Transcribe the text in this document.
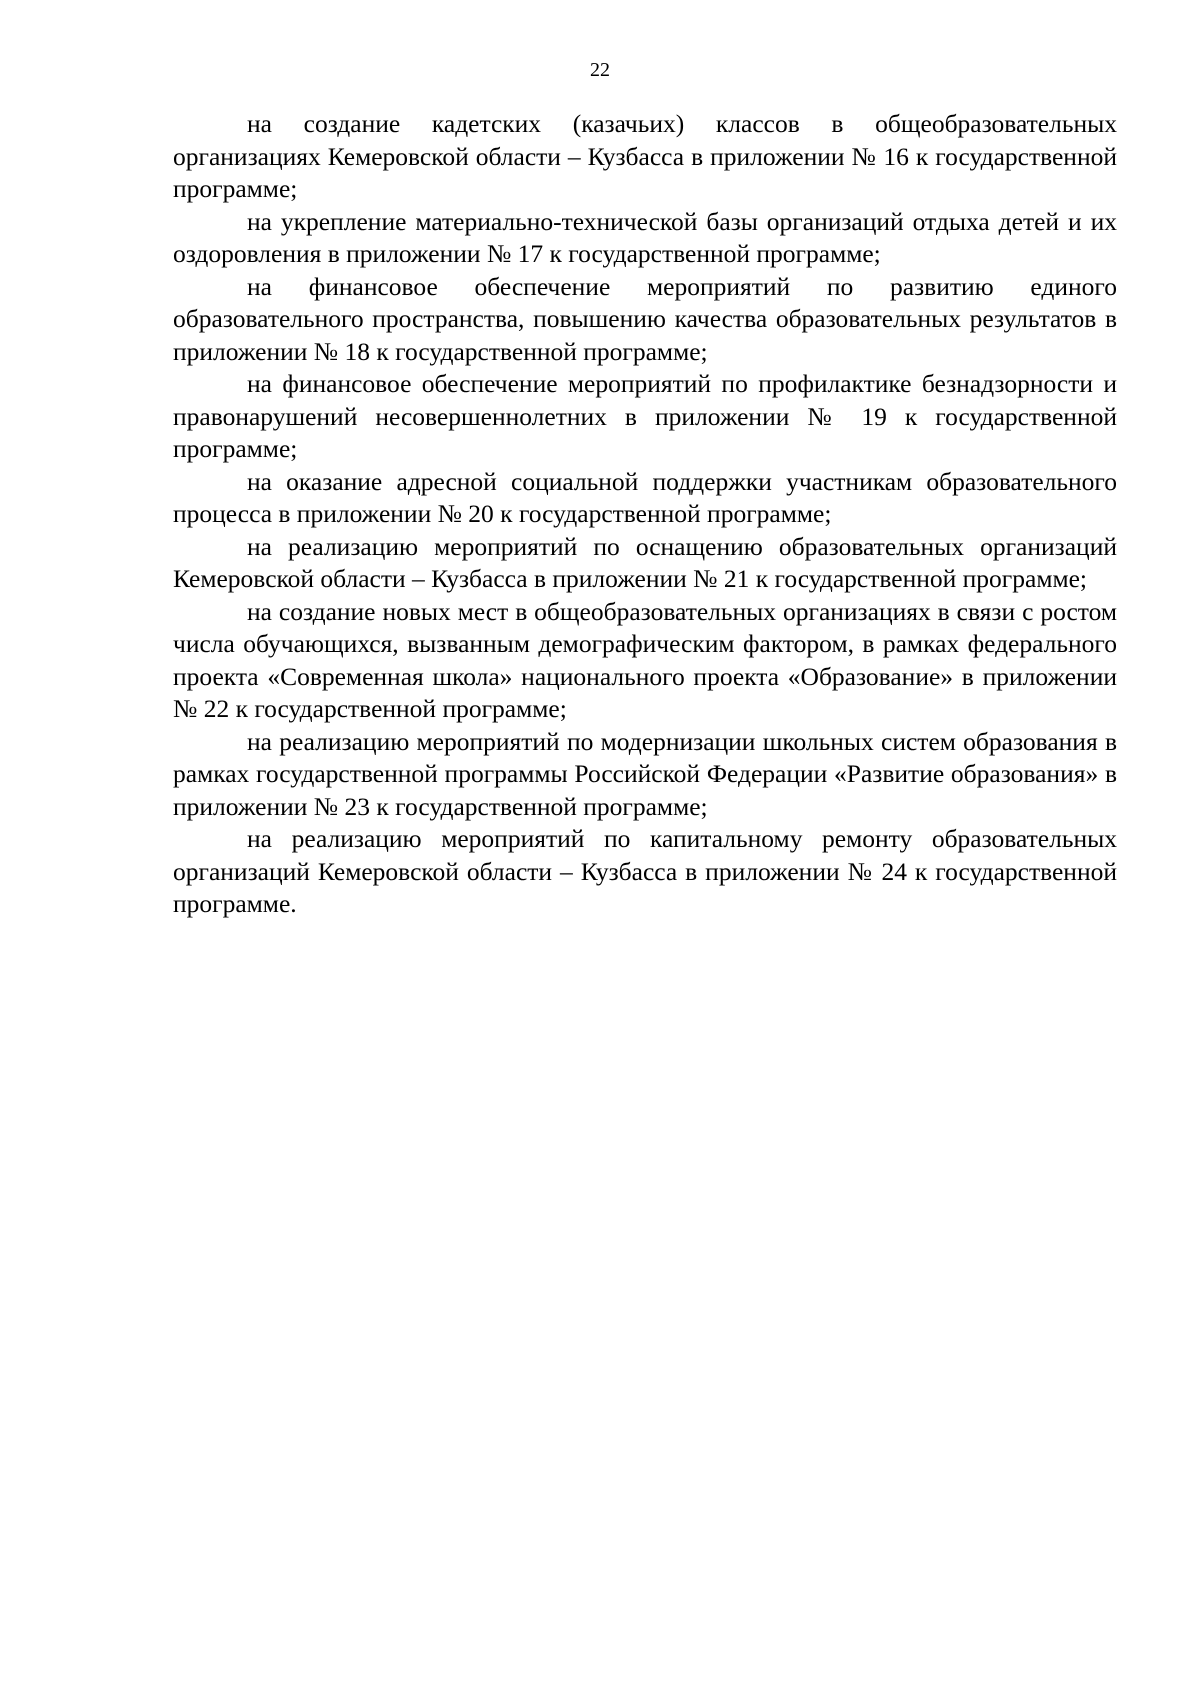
22

на создание кадетских (казачьих) классов в общеобразовательных организациях Кемеровской области – Кузбасса в приложении № 16 к государственной программе;

на укрепление материально-технической базы организаций отдыха детей и их оздоровления в приложении № 17 к государственной программе;

на финансовое обеспечение мероприятий по развитию единого образовательного пространства, повышению качества образовательных результатов в приложении № 18 к государственной программе;

на финансовое обеспечение мероприятий по профилактике безнадзорности и правонарушений несовершеннолетних в приложении № 19 к государственной программе;

на оказание адресной социальной поддержки участникам образовательного процесса в приложении № 20 к государственной программе;

на реализацию мероприятий по оснащению образовательных организаций Кемеровской области – Кузбасса в приложении № 21 к государственной программе;

на создание новых мест в общеобразовательных организациях в связи с ростом числа обучающихся, вызванным демографическим фактором, в рамках федерального проекта «Современная школа» национального проекта «Образование» в приложении № 22 к государственной программе;

на реализацию мероприятий по модернизации школьных систем образования в рамках государственной программы Российской Федерации «Развитие образования» в приложении № 23 к государственной программе;

на реализацию мероприятий по капитальному ремонту образовательных организаций Кемеровской области – Кузбасса в приложении № 24 к государственной программе.
